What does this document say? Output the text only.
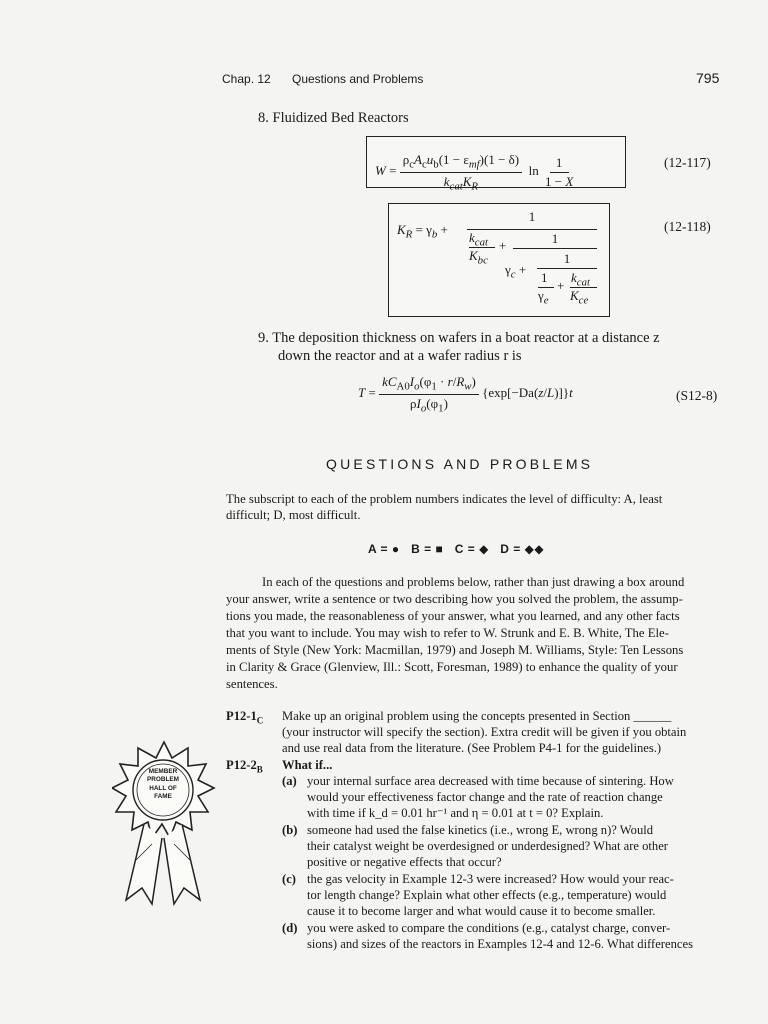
Chap. 12 Questions and Problems	795
8. Fluidized Bed Reactors
$W = \frac{\rho_cA_cu_b(1 - \varepsilon_{mf})(1 - \delta)}{k_{cat}K_R}$ $\ln \frac{1}{1 - X}$	(12-117)
$K_R = \gamma_b$ +
1
$k_{cat}$
$K_{bc}$
+	1
$\gamma_c$ +
1
1
$\gamma_e$
+
$k_{cat}$
$K_{ce}$
(12-118)
9. The deposition thickness on wafers in a boat reactor at a distance z
down the reactor and at a wafer radius r is
$T = \frac{kC_{A0}I_o(\varphi_1 \cdot r/R_w)}{\rho I_o(\varphi_1)} \{\exp[-Da(z/L)]\}t$	(S12-8)
QUESTIONS AND PROBLEMS
The subscript to each of the problem numbers indicates the level of difficulty: A, least
difficult; D, most difficult.
A = ●   B = ■   C = ◆   D = ◆◆
In each of the questions and problems below, rather than just drawing a box around
your answer, write a sentence or two describing how you solved the problem, the assump-
tions you made, the reasonableness of your answer, what you learned, and any other facts
that you want to include. You may wish to refer to W. Strunk and E. B. White, The Ele-
ments of Style (New York: Macmillan, 1979) and Joseph M. Williams, Style: Ten Lessons
in Clarity & Grace (Glenview, Ill.: Scott, Foresman, 1989) to enhance the quality of your
sentences.
$P12-1_C$ Make up an original problem using the concepts presented in Section ______
(your instructor will specify the section). Extra credit will be given if you obtain
and use real data from the literature. (See Problem P4-1 for the guidelines.)
$P12-2_B$ What if...
(a) your internal surface area decreased with time because of sintering. How
would your effectiveness factor change and the rate of reaction change
with time if k_d = 0.01 hr⁻¹ and η = 0.01 at t = 0? Explain.
(b) someone had used the false kinetics (i.e., wrong E, wrong n)? Would
their catalyst weight be overdesigned or underdesigned? What are other
positive or negative effects that occur?
(c) the gas velocity in Example 12-3 were increased? How would your reac-
tor length change? Explain what other effects (e.g., temperature) would
cause it to become larger and what would cause it to become smaller.
(d) you were asked to compare the conditions (e.g., catalyst charge, conver-
sions) and sizes of the reactors in Examples 12-4 and 12-6. What differences
MEMBER
PROBLEM
HALL OF
FAME
